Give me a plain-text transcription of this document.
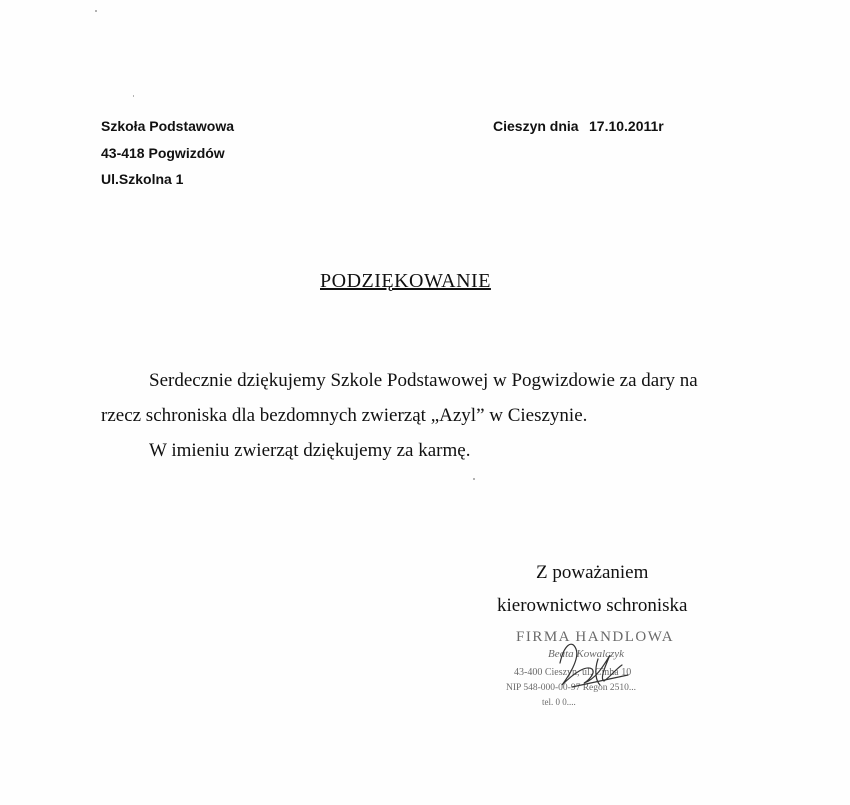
Szkoła Podstawowa
43-418 Pogwizdów
Ul.Szkolna 1
Cieszyn dnia 17.10.2011r
PODZIĘKOWANIE
Serdecznie dziękujemy Szkole Podstawowej w Pogwizdowie za dary na
rzecz schroniska dla bezdomnych zwierząt „Azyl” w Cieszynie.
W imieniu zwierząt dziękujemy za karmę.
Z poważaniem
kierownictwo schroniska
FIRMA HANDLOWA
Beata Kowalczyk
43-400 Cieszyn, ul. Cinha 10
NIP 548-000-00-97 Regon 2510...
tel. 0 0....
